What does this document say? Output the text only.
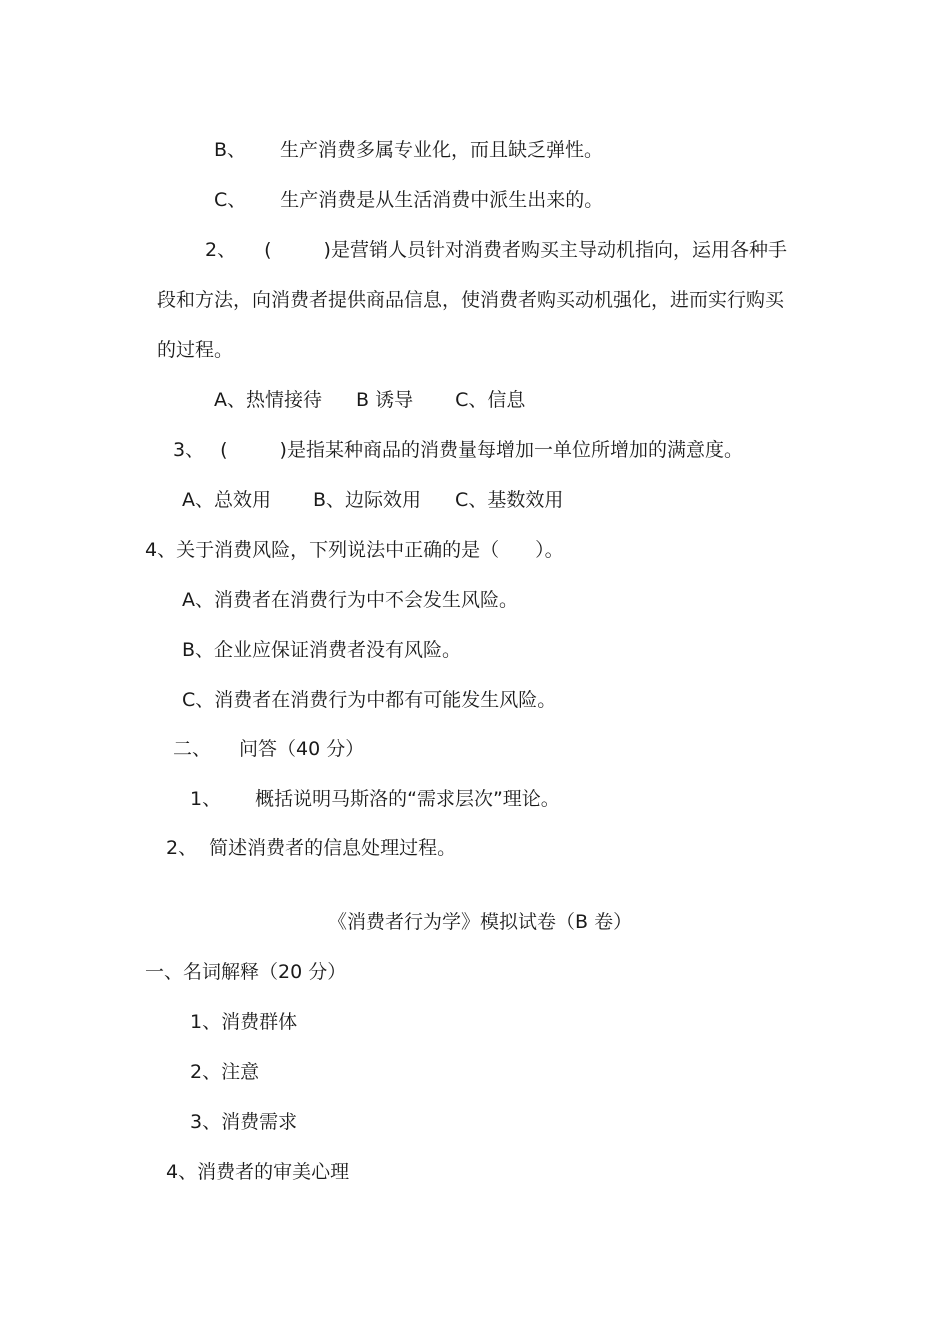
B、 生产消费多属专业化，而且缺乏弹性。
C、 生产消费是从生活消费中派生出来的。
2、 (	)是营销人员针对消费者购买主导动机指向，运用各种手
段和方法，向消费者提供商品信息，使消费者购买动机强化，进而实行购买
的过程。
A、热情接待 B 诱导 C、信息
3、 (	)是指某种商品的消费量每增加一单位所增加的满意度。
A、总效用 B、边际效用 C、基数效用
4、关于消费风险，下列说法中正确的是（ ）。
A、消费者在消费行为中不会发生风险。
B、企业应保证消费者没有风险。
C、消费者在消费行为中都有可能发生风险。
二、 问答（40 分）
1、 概括说明马斯洛的“需求层次”理论。
2、 简述消费者的信息处理过程。
《消费者行为学》模拟试卷（B 卷）
一、名词解释（20 分）
1、消费群体
2、注意
3、消费需求
4、消费者的审美心理
